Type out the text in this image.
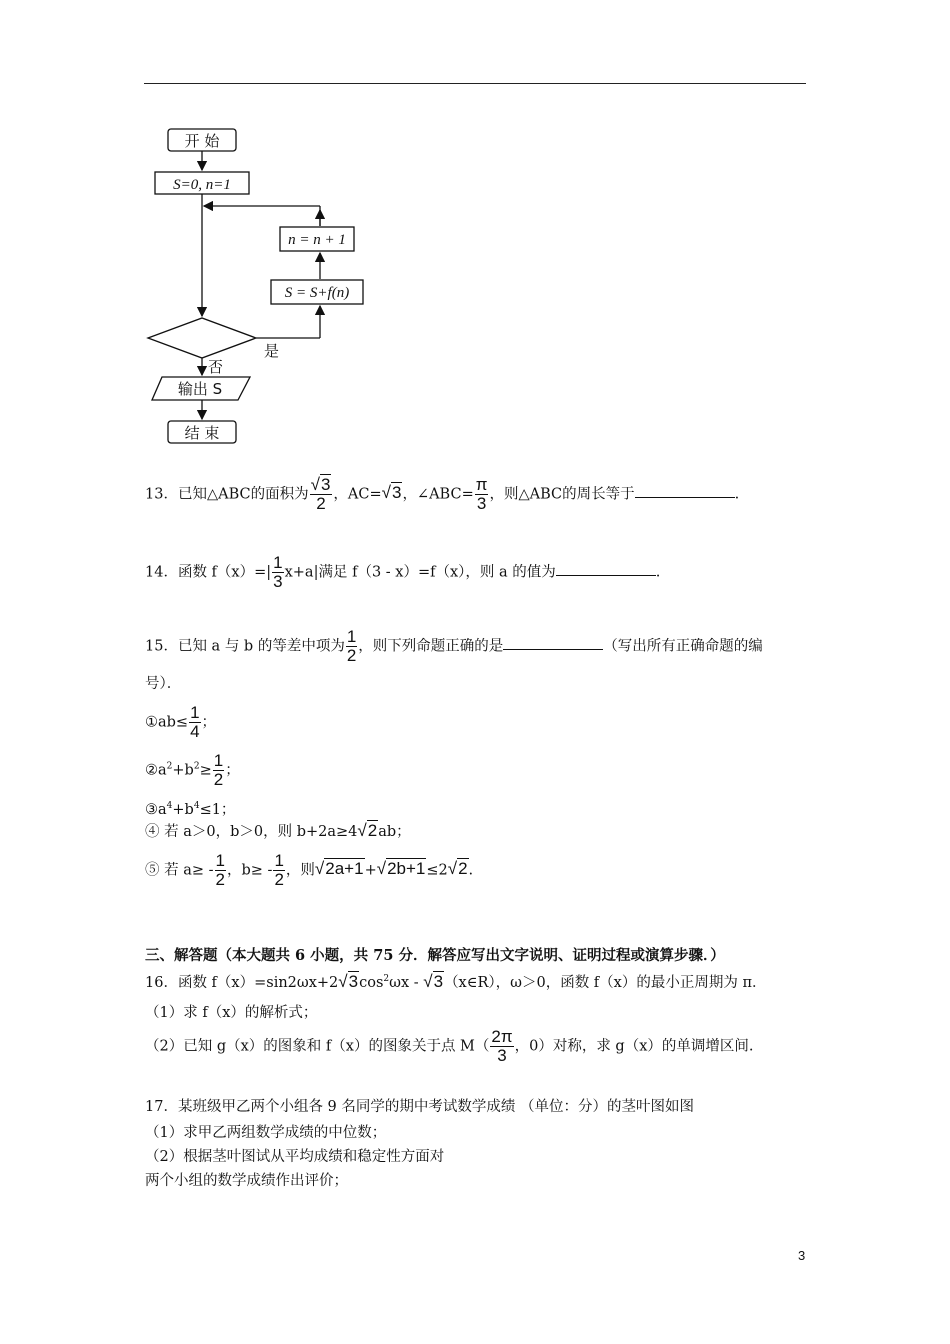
开 始
S=0, n=1
n = n + 1
S = S+f(n)
是
否
输出 S
结 束
13．已知△ABC的面积为 $\frac{√3}{2}$ ，AC=√3，∠ABC= $\frac{\pi}{3}$ ，则△ABC的周长等于	.
14．函数 $f(x)=| \frac{1}{3} x+a|$满足 f（3 - x）=f（x），则 a 的值为	.
15．已知 a 与 b 的等差中项为 $\frac{1}{2}$ ，则下列命题正确的是	（写出所有正确命题的编
号）．
①ab≤ $\frac{1}{4}$ ；
$②a^2+b^2\ge \frac{1}{2}$ ；
$③a^4+b^4\le 1$；
④ 若 a＞0，b＞0，则 b+2a≥4√2ab；
⑤ 若 $a\ge - \frac{1}{2}$ ，$b\ge - \frac{1}{2}$ ，则√2a+1+√2b+1≤2√2.
三、解答题（本大题共 6 小题，共 75 分．解答应写出文字说明、证明过程或演算步骤．）
16．函数 $f(x)=\sin 2\omega x+2√3\cos^2\omega x$ - √3（x∈R），ω＞0，函数 f（x）的最小正周期为 π．
（1）求 f（x）的解析式；
（2）已知 g（x）的图象和 f（x）的图象关于点 $M( \frac{2\pi}{3}$ ，0）对称，求 g（x）的单调增区间.
17．某班级甲乙两个小组各 9 名同学的期中考试数学成绩 （单位：分）的茎叶图如图
（1）求甲乙两组数学成绩的中位数；
（2）根据茎叶图试从平均成绩和稳定性方面对
两个小组的数学成绩作出评价；
3
